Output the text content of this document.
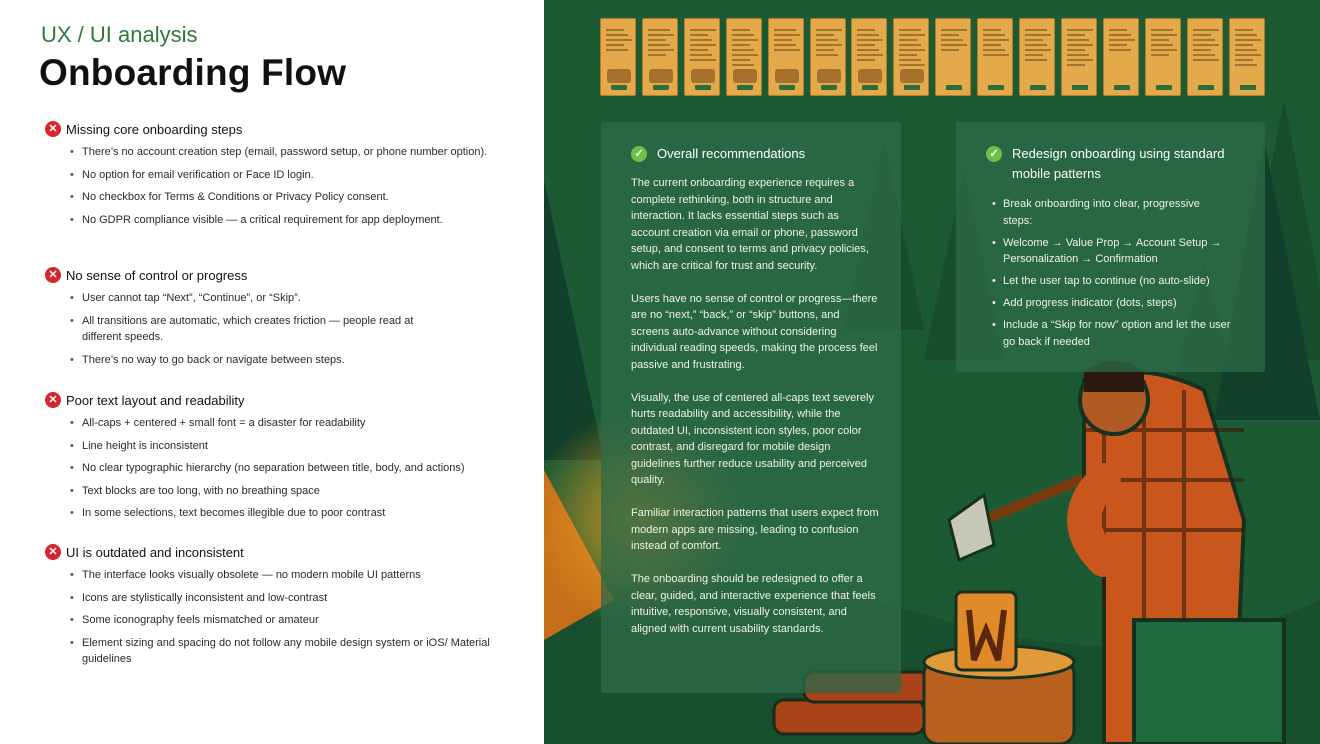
UX / UI analysis
Onboarding Flow
✕ Missing core onboarding steps
• There’s no account creation step (email, password setup, or phone number option).
• No option for email verification or Face ID login.
• No checkbox for Terms & Conditions or Privacy Policy consent.
• No GDPR compliance visible — a critical requirement for app deployment.
✕ No sense of control or progress
• User cannot tap “Next”, “Continue”, or “Skip”.
• All transitions are automatic, which creates friction — people read at different speeds.
• There’s no way to go back or navigate between steps.
✕ Poor text layout and readability
• All-caps + centered + small font = a disaster for readability
• Line height is inconsistent
• No clear typographic hierarchy (no separation between title, body, and actions)
• Text blocks are too long, with no breathing space
• In some selections, text becomes illegible due to poor contrast
✕ UI is outdated and inconsistent
• The interface looks visually obsolete — no modern mobile UI patterns
• Icons are stylistically inconsistent and low-contrast
• Some iconography feels mismatched or amateur
• Element sizing and spacing do not follow any mobile design system or iOS/ Material guidelines
✓ Overall recommendations

The current onboarding experience requires a complete rethinking, both in structure and interaction. It lacks essential steps such as account creation via email or phone, password setup, and consent to terms and privacy policies, which are critical for trust and security.

Users have no sense of control or progress—there are no “next,” “back,” or “skip” buttons, and screens auto-advance without considering individual reading speeds, making the process feel passive and frustrating.

Visually, the use of centered all-caps text severely hurts readability and accessibility, while the outdated UI, inconsistent icon styles, poor color contrast, and disregard for mobile design guidelines further reduce usability and perceived quality.

Familiar interaction patterns that users expect from modern apps are missing, leading to confusion instead of comfort.

The onboarding should be redesigned to offer a clear, guided, and interactive experience that feels intuitive, responsive, visually consistent, and aligned with current usability standards.

✓ Redesign onboarding using standard mobile patterns
• Break onboarding into clear, progressive steps:
• Welcome → Value Prop → Account Setup → Personalization → Confirmation
• Let the user tap to continue (no auto-slide)
• Add progress indicator (dots, steps)
• Include a “Skip for now” option and let the user go back if needed
